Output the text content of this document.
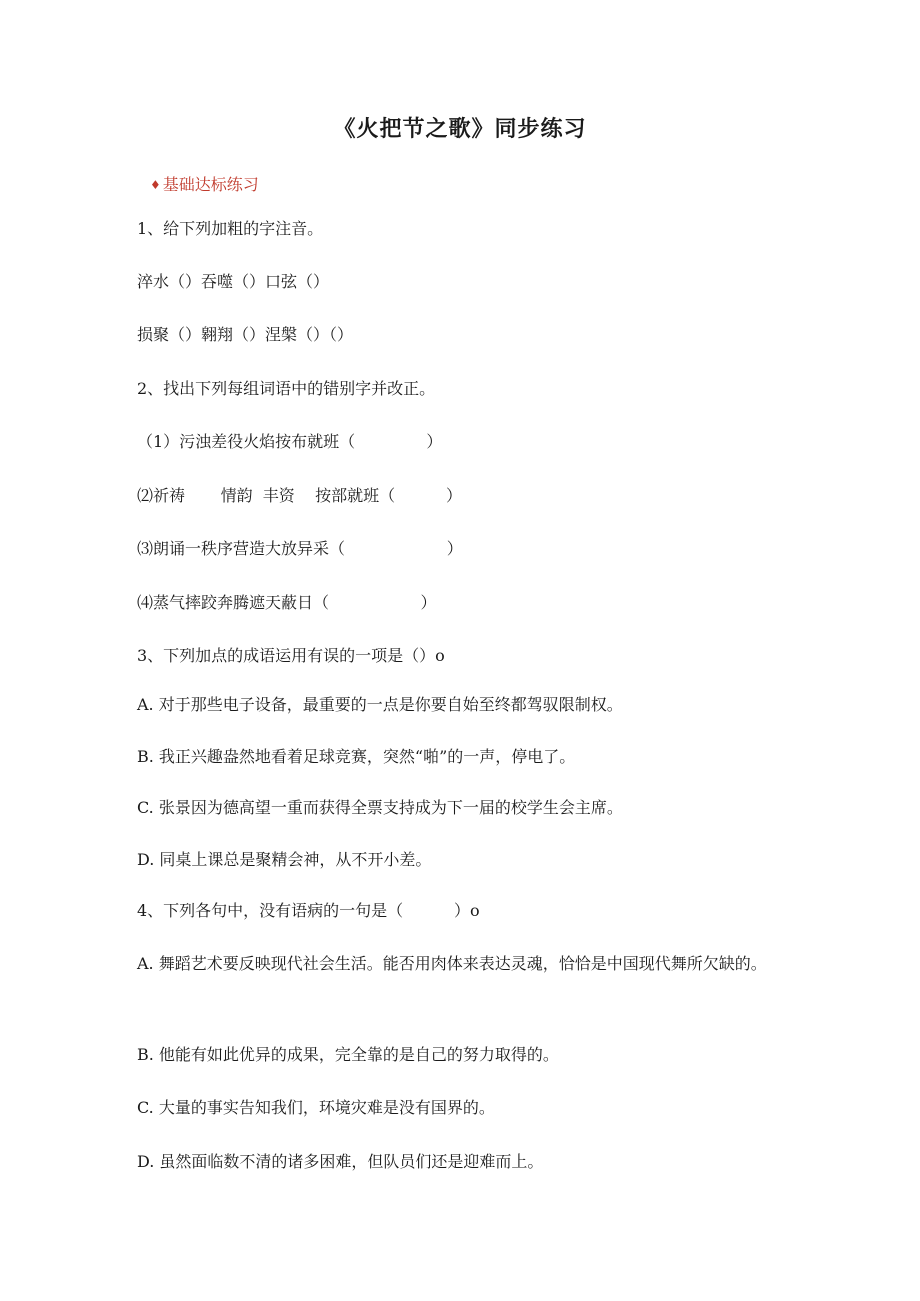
《火把节之歌》同步练习
♦ 基础达标练习
1、给下列加粗的字注音。
淬水（）吞噬（）口弦（）
损聚（）翱翔（）涅槃（）（）
2、找出下列每组词语中的错别字并改正。
（1）污浊差役火焰按布就班（              ）
⑵祈祷       情韵  丰资    按部就班（          ）
⑶朗诵一秩序营造大放异采（                    ）
⑷蒸气摔跤奔腾遮天蔽日（                  ）
3、下列加点的成语运用有误的一项是（）o
A. 对于那些电子设备，最重要的一点是你要自始至终都驾驭限制权。
B. 我正兴趣盎然地看着足球竞赛，突然“啪”的一声，停电了。
C. 张景因为德高望一重而获得全票支持成为下一届的校学生会主席。
D. 同桌上课总是聚精会神，从不开小差。
4、下列各句中，没有语病的一句是（          ）o
A. 舞蹈艺术要反映现代社会生活。能否用肉体来表达灵魂，恰恰是中国现代舞所欠缺的。
B. 他能有如此优异的成果，完全靠的是自己的努力取得的。
C. 大量的事实告知我们，环境灾难是没有国界的。
D. 虽然面临数不清的诸多困难，但队员们还是迎难而上。
